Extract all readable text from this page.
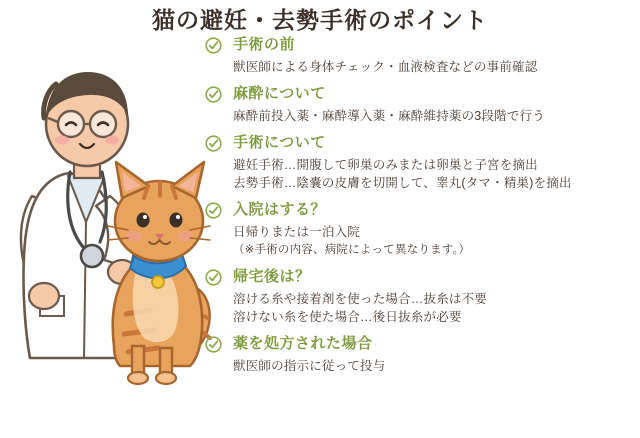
猫の避妊・去勢手術のポイント
手術の前
獣医師による身体チェック・血液検査などの事前確認
麻酔について
麻酔前投入薬・麻酔導入薬・麻酔維持薬の3段階で行う
手術について
避妊手術…開腹して卵巣のみまたは卵巣と子宮を摘出
去勢手術…陰嚢の皮膚を切開して、睾丸(タマ・精巣)を摘出
入院はする？
日帰りまたは一泊入院
（※手術の内容、病院によって異なります。）
帰宅後は？
溶ける糸や接着剤を使った場合…抜糸は不要
溶けない糸を使た場合…後日抜糸が必要
薬を処方された場合
獣医師の指示に従って投与
